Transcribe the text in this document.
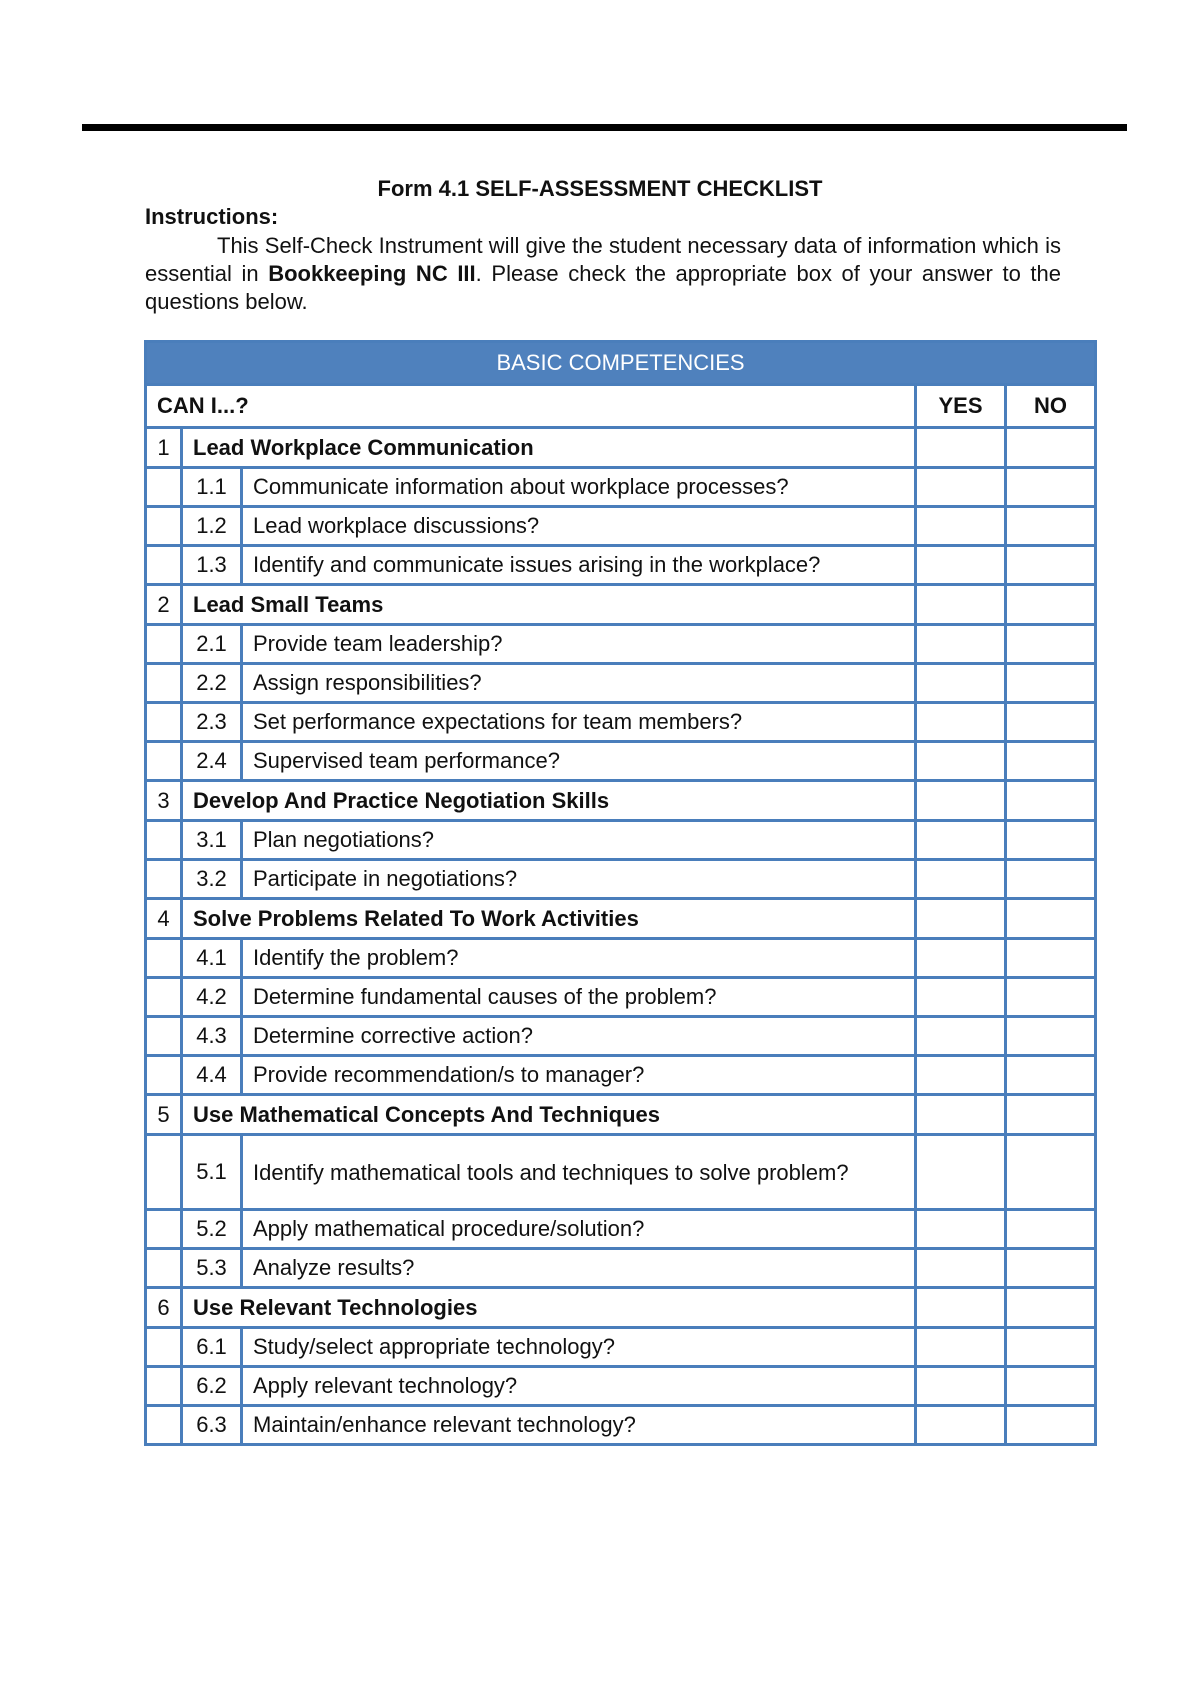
Form 4.1 SELF-ASSESSMENT CHECKLIST
Instructions:
This Self-Check Instrument will give the student necessary data of information which is essential in Bookkeeping NC III. Please check the appropriate box of your answer to the questions below.
BASIC COMPETENCIES				
CAN I...?			YES	NO
1	Lead Workplace Communication			
	1.1	Communicate information about workplace processes?		
	1.2	Lead workplace discussions?		
	1.3	Identify and communicate issues arising in the workplace?		
2	Lead Small Teams			
	2.1	Provide team leadership?		
	2.2	Assign responsibilities?		
	2.3	Set performance expectations for team members?		
	2.4	Supervised team performance?		
3	Develop And Practice Negotiation Skills			
	3.1	Plan negotiations?		
	3.2	Participate in negotiations?		
4	Solve Problems Related To Work Activities			
	4.1	Identify the problem?		
	4.2	Determine fundamental causes of the problem?		
	4.3	Determine corrective action?		
	4.4	Provide recommendation/s to manager?		
5	Use Mathematical Concepts And Techniques			
	5.1	Identify mathematical tools and techniques to solve problem?		
	5.2	Apply mathematical procedure/solution?		
	5.3	Analyze results?		
6	Use Relevant Technologies			
	6.1	Study/select appropriate technology?		
	6.2	Apply relevant technology?		
	6.3	Maintain/enhance relevant technology?		
